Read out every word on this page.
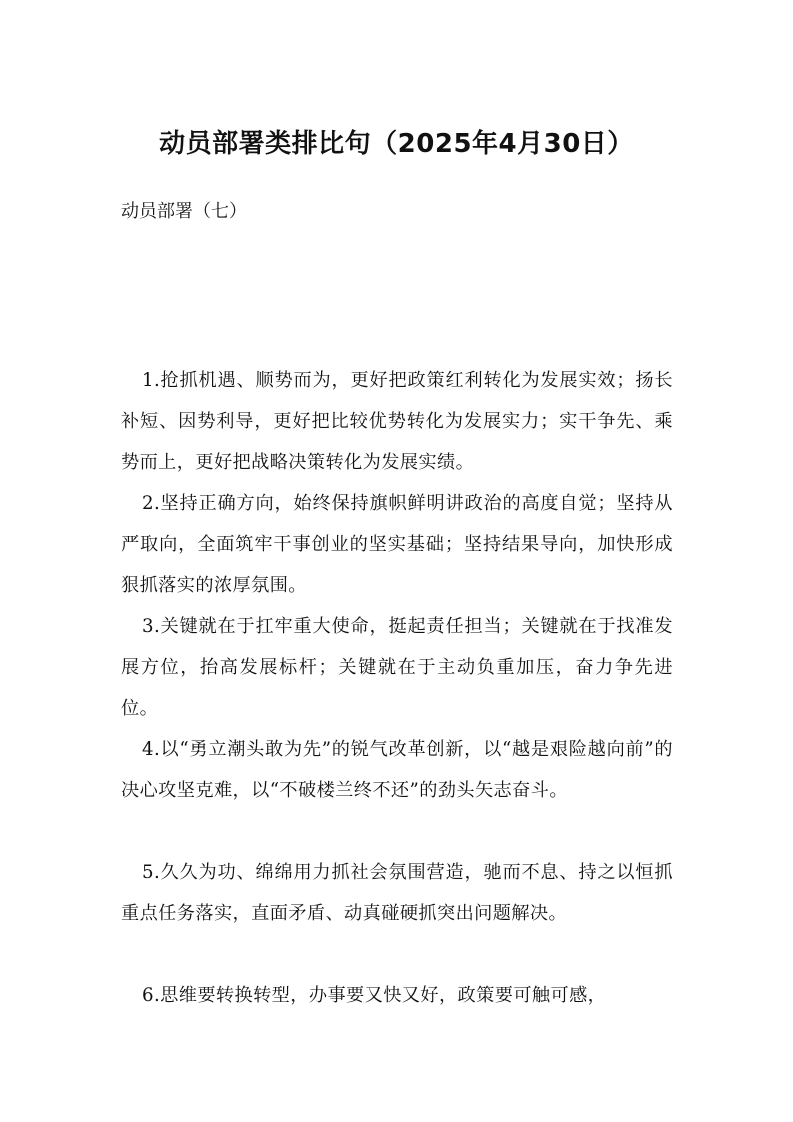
动员部署类排比句（2025年4月30日）
动员部署（七）
1.抢抓机遇、顺势而为，更好把政策红利转化为发展实效；扬长补短、因势利导，更好把比较优势转化为发展实力；实干争先、乘势而上，更好把战略决策转化为发展实绩。
2.坚持正确方向，始终保持旗帜鲜明讲政治的高度自觉；坚持从严取向，全面筑牢干事创业的坚实基础；坚持结果导向，加快形成狠抓落实的浓厚氛围。
3.关键就在于扛牢重大使命，挺起责任担当；关键就在于找准发展方位，抬高发展标杆；关键就在于主动负重加压，奋力争先进位。
4.以“勇立潮头敢为先”的锐气改革创新，以“越是艰险越向前”的决心攻坚克难，以“不破楼兰终不还”的劲头矢志奋斗。
5.久久为功、绵绵用力抓社会氛围营造，驰而不息、持之以恒抓重点任务落实，直面矛盾、动真碰硬抓突出问题解决。
6.思维要转换转型，办事要又快又好，政策要可触可感，
